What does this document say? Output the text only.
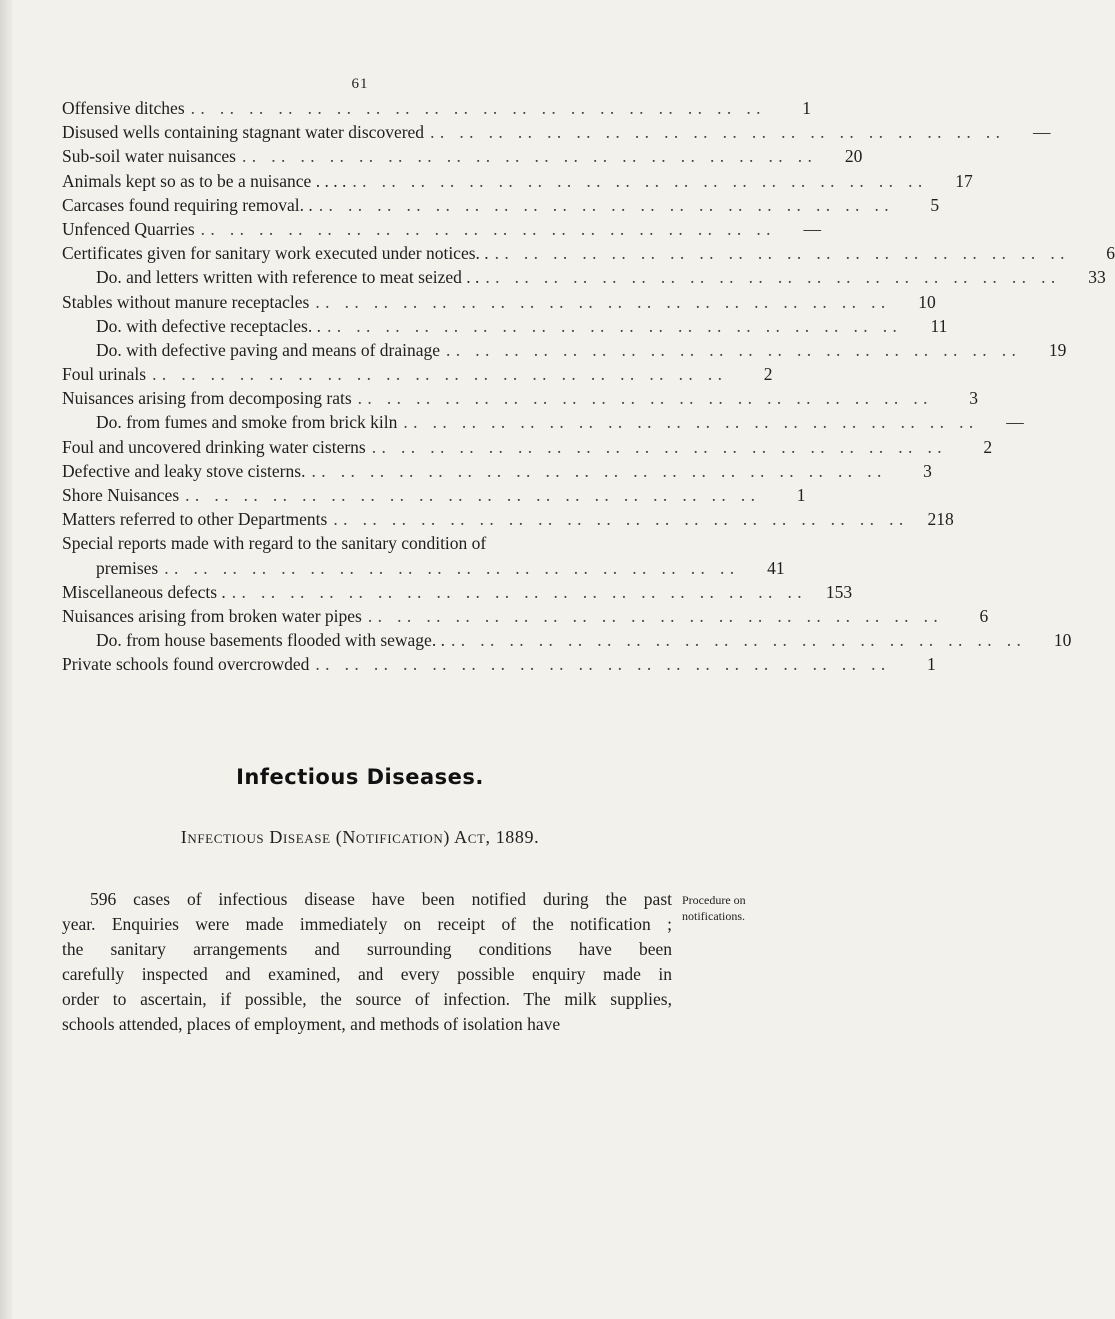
61
Offensive ditches . .	1
Disused wells containing stagnant water discovered . .	—
Sub-soil water nuisances . .	20
Animals kept so as to be a nuisance . . . . . .	17
Carcases found requiring removal. . . .	5
Unfenced Quarries . .	—
Certificates given for sanitary work executed under notices. . . .	6
Do. and letters written with reference to meat seized . . . .	33
Stables without manure receptacles . .	10
Do. with defective receptacles. . . .	11
Do. with defective paving and means of drainage . .	19
Foul urinals . .	2
Nuisances arising from decomposing rats . .	3
Do. from fumes and smoke from brick kiln . .	—
Foul and uncovered drinking water cisterns . .	2
Defective and leaky stove cisterns. . .	3
Shore Nuisances . .	1
Matters referred to other Departments . .	218
Special reports made with regard to the sanitary condition of
premises . .	41
Miscellaneous defects . . .	153
Nuisances arising from broken water pipes . .	6
Do. from house basements flooded with sewage. . . .	10
Private schools found overcrowded . .	1
Infectious Diseases.
Infectious Disease (Notification) Act, 1889.
596 cases of infectious disease have been notified during the past
year. Enquiries were made immediately on receipt of the notification ;
the sanitary arrangements and surrounding conditions have been
carefully inspected and examined, and every possible enquiry made in
order to ascertain, if possible, the source of infection. The milk supplies,
schools attended, places of employment, and methods of isolation have
Procedure on
notifications.
